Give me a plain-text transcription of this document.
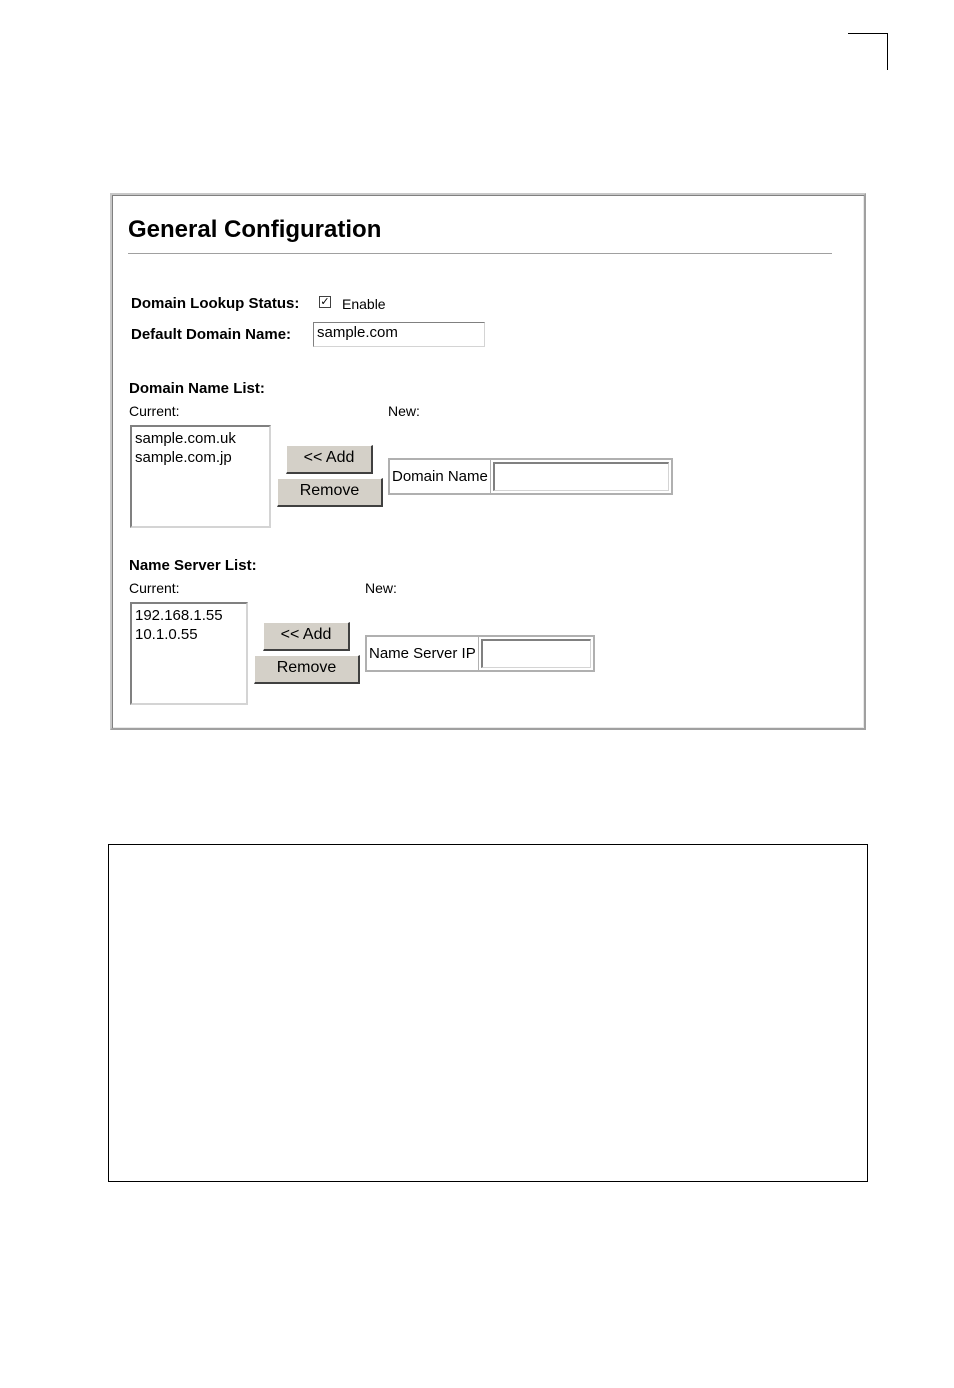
General Configuration
Domain Lookup Status: ✓ Enable
Default Domain Name: sample.com
Domain Name List:
Current:	New:
sample.com.uk
sample.com.jp	<< Add
Remove
Domain Name
Name Server List:
Current:	New:
192.168.1.55
10.1.0.55	<< Add
Remove
Name Server IP
